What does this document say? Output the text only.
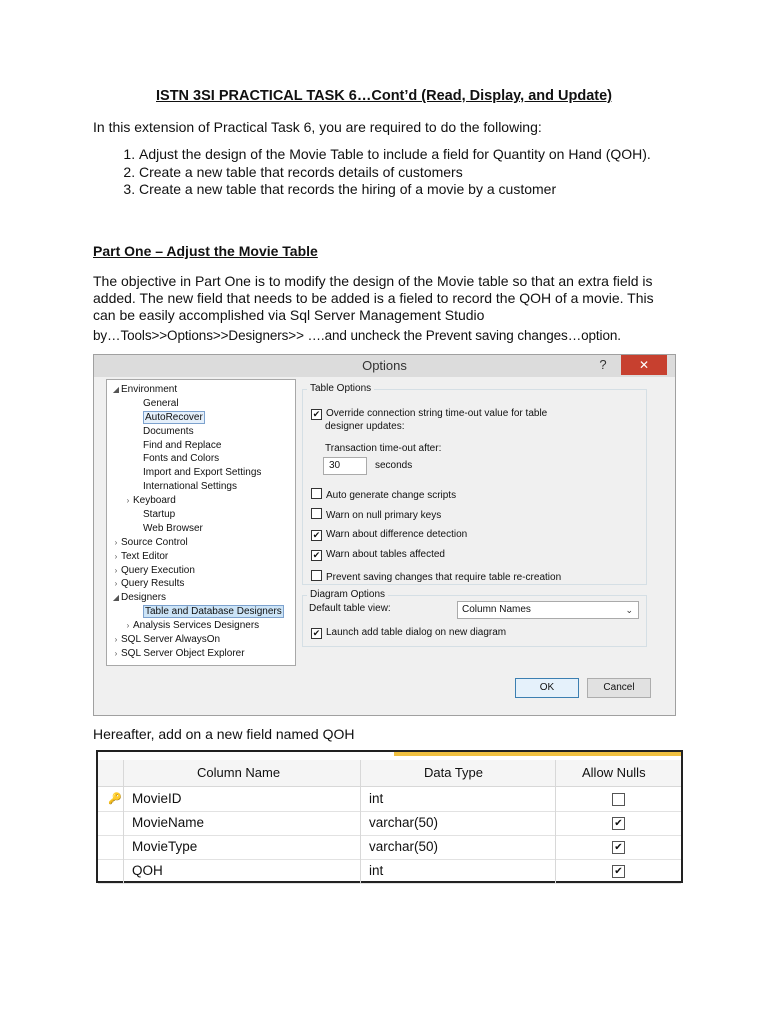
ISTN 3SI PRACTICAL TASK 6…Cont’d (Read, Display, and Update)
In this extension of Practical Task 6, you are required to do the following:
1. Adjust the design of the Movie Table to include a field for Quantity on Hand (QOH).
2. Create a new table that records details of customers
3. Create a new table that records the hiring of a movie by a customer
Part One – Adjust the Movie Table
The objective in Part One is to modify the design of the Movie table so that an extra field is added. The new field that needs to be added is a fieled to record the QOH of a movie. This can be easily accomplished via Sql Server Management Studio
by…Tools>>Options>>Designers>> ….and uncheck the Prevent saving changes…option.
Options	?	✕
◢ Environment
General
AutoRecover
Documents
Find and Replace
Fonts and Colors
Import and Export Settings
International Settings
› Keyboard
Startup
Web Browser
› Source Control
› Text Editor
› Query Execution
› Query Results
◢ Designers
Table and Database Designers
› Analysis Services Designers
› SQL Server AlwaysOn
› SQL Server Object Explorer
Table Options
✔ Override connection string time-out value for table
designer updates:
Transaction time-out after:
30	seconds
Auto generate change scripts
Warn on null primary keys
✔ Warn about difference detection
✔ Warn about tables affected
Prevent saving changes that require table re-creation
Diagram Options
Default table view:	Column Names	⌄
✔ Launch add table dialog on new diagram
OK	Cancel
Hereafter, add on a new field named QOH
Column Name	Data Type	Allow Nulls
🔑 MovieID	int
MovieName	varchar(50)	✔
MovieType	varchar(50)	✔
QOH	int	✔
